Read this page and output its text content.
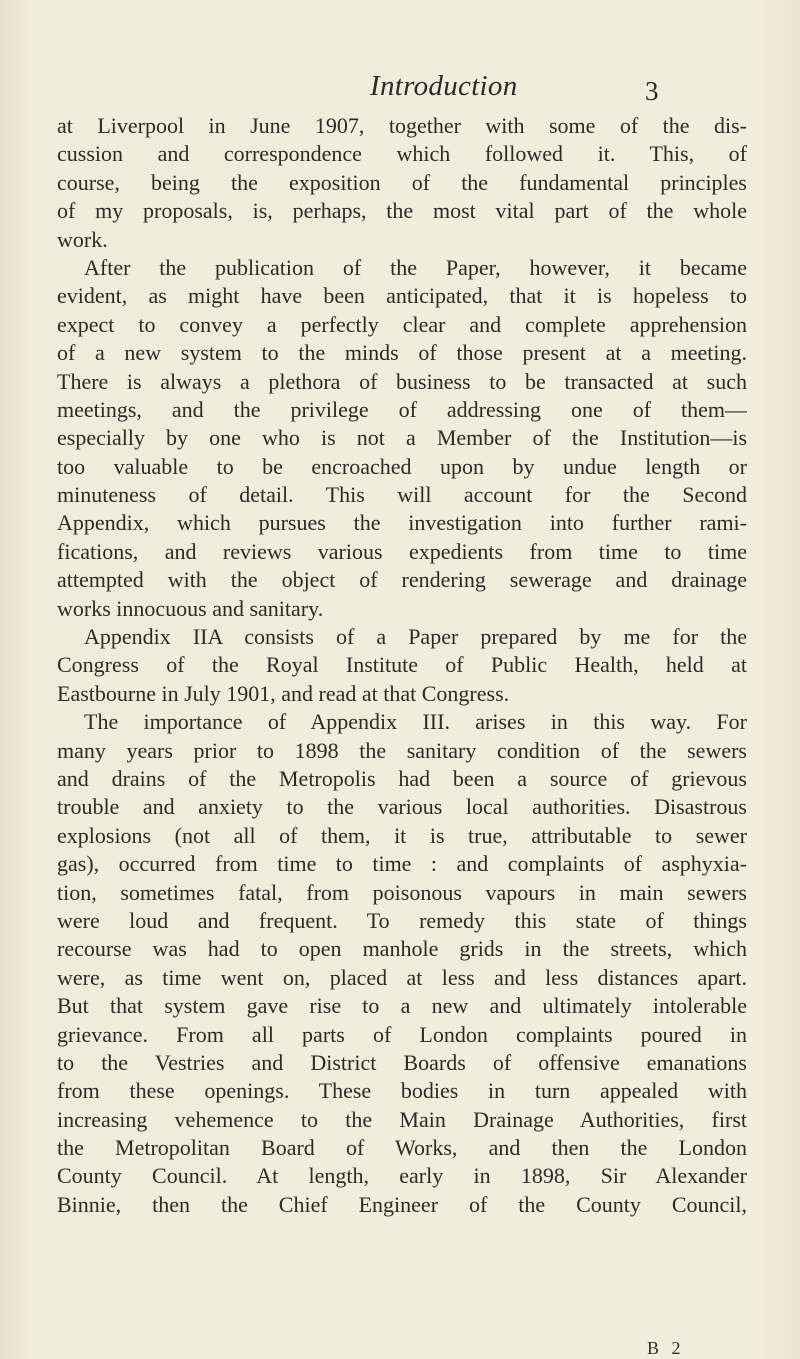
Introduction	3
at Liverpool in June 1907, together with some of the dis-
cussion and correspondence which followed it. This, of
course, being the exposition of the fundamental principles
of my proposals, is, perhaps, the most vital part of the whole
work.
After the publication of the Paper, however, it became
evident, as might have been anticipated, that it is hopeless to
expect to convey a perfectly clear and complete apprehension
of a new system to the minds of those present at a meeting.
There is always a plethora of business to be transacted at such
meetings, and the privilege of addressing one of them—
especially by one who is not a Member of the Institution—is
too valuable to be encroached upon by undue length or
minuteness of detail. This will account for the Second
Appendix, which pursues the investigation into further rami-
fications, and reviews various expedients from time to time
attempted with the object of rendering sewerage and drainage
works innocuous and sanitary.
Appendix IIA consists of a Paper prepared by me for the
Congress of the Royal Institute of Public Health, held at
Eastbourne in July 1901, and read at that Congress.
The importance of Appendix III. arises in this way. For
many years prior to 1898 the sanitary condition of the sewers
and drains of the Metropolis had been a source of grievous
trouble and anxiety to the various local authorities. Disastrous
explosions (not all of them, it is true, attributable to sewer
gas), occurred from time to time : and complaints of asphyxia-
tion, sometimes fatal, from poisonous vapours in main sewers
were loud and frequent. To remedy this state of things
recourse was had to open manhole grids in the streets, which
were, as time went on, placed at less and less distances apart.
But that system gave rise to a new and ultimately intolerable
grievance. From all parts of London complaints poured in
to the Vestries and District Boards of offensive emanations
from these openings. These bodies in turn appealed with
increasing vehemence to the Main Drainage Authorities, first
the Metropolitan Board of Works, and then the London
County Council. At length, early in 1898, Sir Alexander
Binnie, then the Chief Engineer of the County Council,
B 2
